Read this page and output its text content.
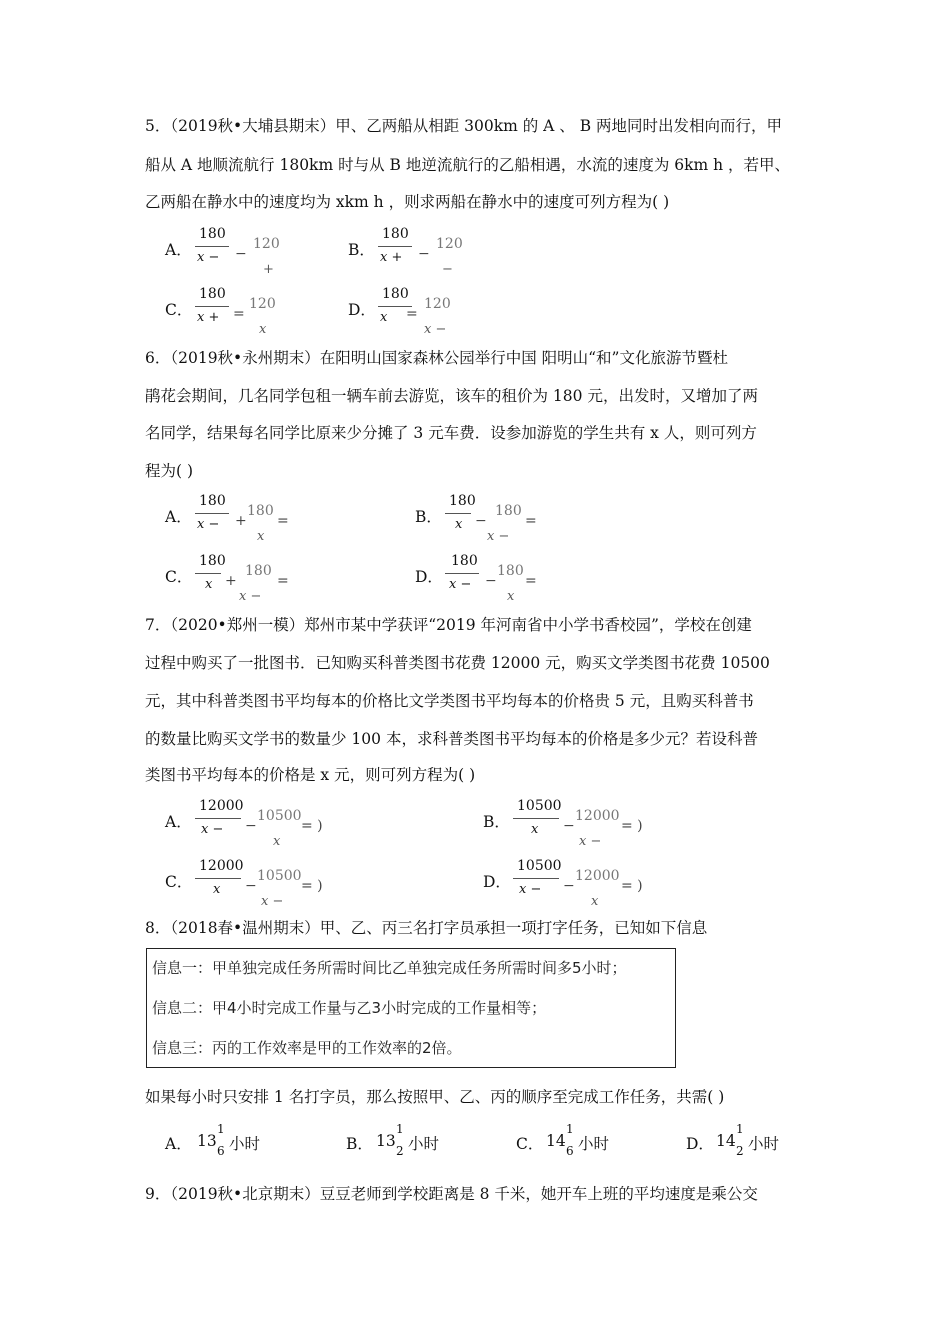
5．（2019秋•大埔县期末）甲、乙两船从相距 300km 的 A 、 B 两地同时出发相向而行，甲
船从 A 地顺流航行 180km 时与从 B 地逆流航行的乙船相遇，水流的速度为 6km h ，若甲、
乙两船在静水中的速度均为 xkm h ，则求两船在静水中的速度可列方程为( )
A．
180
x − −
120
+
B．
180
x + −
120
−
C．
180
x + =
120
x
D．
180
x =
120
x −
6．（2019秋•永州期末）在阳明山国家森林公园举行中国 阳明山“和”文化旅游节暨杜
鹃花会期间，几名同学包租一辆车前去游览，该车的租价为 180 元，出发时，又增加了两
名同学，结果每名同学比原来少分摊了 3 元车费．设参加游览的学生共有 x 人，则可列方
程为( )
A．
180
x − +
180
x
=	B．
180
x −
180
x −
=
C．
180
x +
180
x −
=	D．
180
x − −
180
x
=
7．（2020•郑州一模）郑州市某中学获评“2019 年河南省中小学书香校园”，学校在创建
过程中购买了一批图书．已知购买科普类图书花费 12000 元，购买文学类图书花费 10500
元，其中科普类图书平均每本的价格比文学类图书平均每本的价格贵 5 元，且购买科普书
的数量比购买文学书的数量少 100 本，求科普类图书平均每本的价格是多少元？若设科普
类图书平均每本的价格是 x 元，则可列方程为( )
A．
12000
x − −
10500
x
= )	B．
10500
x −
12000
x −
= )
C．
12000
x −
10500
x −
= )	D．
10500
x − −
12000
x
= )
8．（2018春•温州期末）甲、乙、丙三名打字员承担一项打字任务，已知如下信息
信息一：甲单独完成任务所需时间比乙单独完成任务所需时间多5小时；
信息二：甲4小时完成工作量与乙3小时完成的工作量相等；
信息三：丙的工作效率是甲的工作效率的2倍。
如果每小时只安排 1 名打字员，那么按照甲、乙、丙的顺序至完成工作任务，共需( )
A． 13
1
6 小时	B． 13
1
2 小时	C． 14
1
6 小时	D． 14
1
2 小时
9．（2019秋•北京期末）豆豆老师到学校距离是 8 千米，她开车上班的平均速度是乘公交
